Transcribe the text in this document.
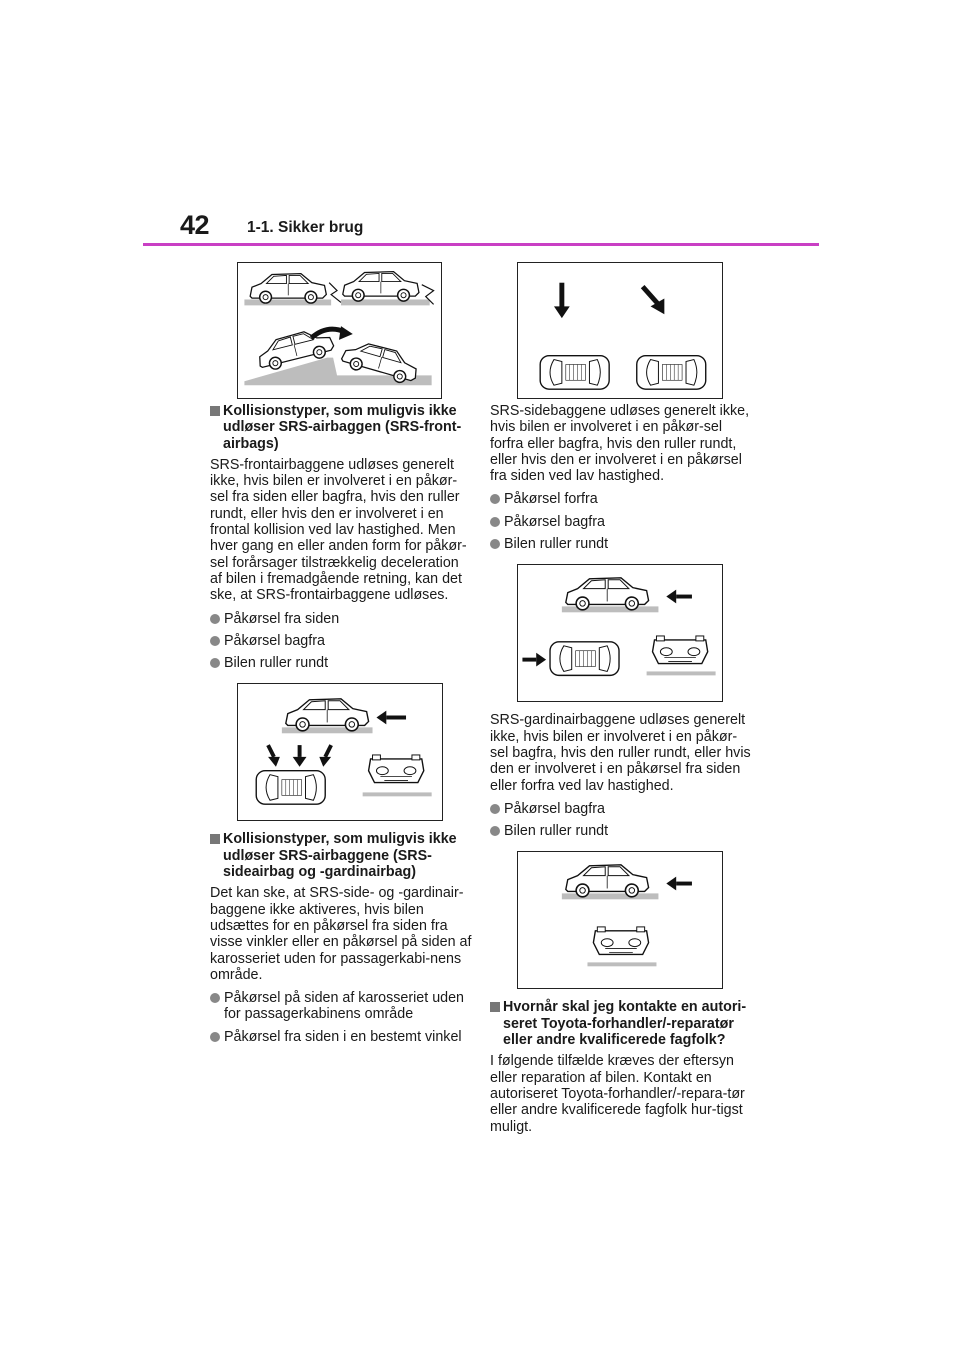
42 1-1. Sikker brug
Kollisionstyper, som muligvis ikke udløser SRS-airbaggen (SRS-front-airbags)
SRS-frontairbaggene udløses generelt ikke, hvis bilen er involveret i en påkør-sel fra siden eller bagfra, hvis den ruller rundt, eller hvis den er involveret i en frontal kollision ved lav hastighed. Men hver gang en eller anden form for påkør-sel forårsager tilstrækkelig deceleration af bilen i fremadgående retning, kan det ske, at SRS-frontairbaggene udløses.
Påkørsel fra siden
Påkørsel bagfra
Bilen ruller rundt
Kollisionstyper, som muligvis ikke udløser SRS-airbaggene (SRS-sideairbag og -gardinairbag)
Det kan ske, at SRS-side- og -gardinair-baggene ikke aktiveres, hvis bilen udsættes for en påkørsel fra siden fra visse vinkler eller en påkørsel på siden af karosseriet uden for passagerkabi-nens område.
Påkørsel på siden af karosseriet uden for passagerkabinens område
Påkørsel fra siden i en bestemt vinkel
SRS-sidebaggene udløses generelt ikke, hvis bilen er involveret i en påkør-sel forfra eller bagfra, hvis den ruller rundt, eller hvis den er involveret i en påkørsel fra siden ved lav hastighed.
Påkørsel forfra
Påkørsel bagfra
Bilen ruller rundt
SRS-gardinairbaggene udløses generelt ikke, hvis bilen er involveret i en påkør-sel bagfra, hvis den ruller rundt, eller hvis den er involveret i en påkørsel fra siden eller forfra ved lav hastighed.
Påkørsel bagfra
Bilen ruller rundt
Hvornår skal jeg kontakte en autori-seret Toyota-forhandler/-reparatør eller andre kvalificerede fagfolk?
I følgende tilfælde kræves der eftersyn eller reparation af bilen. Kontakt en autoriseret Toyota-forhandler/-repara-tør eller andre kvalificerede fagfolk hur-tigst muligt.
